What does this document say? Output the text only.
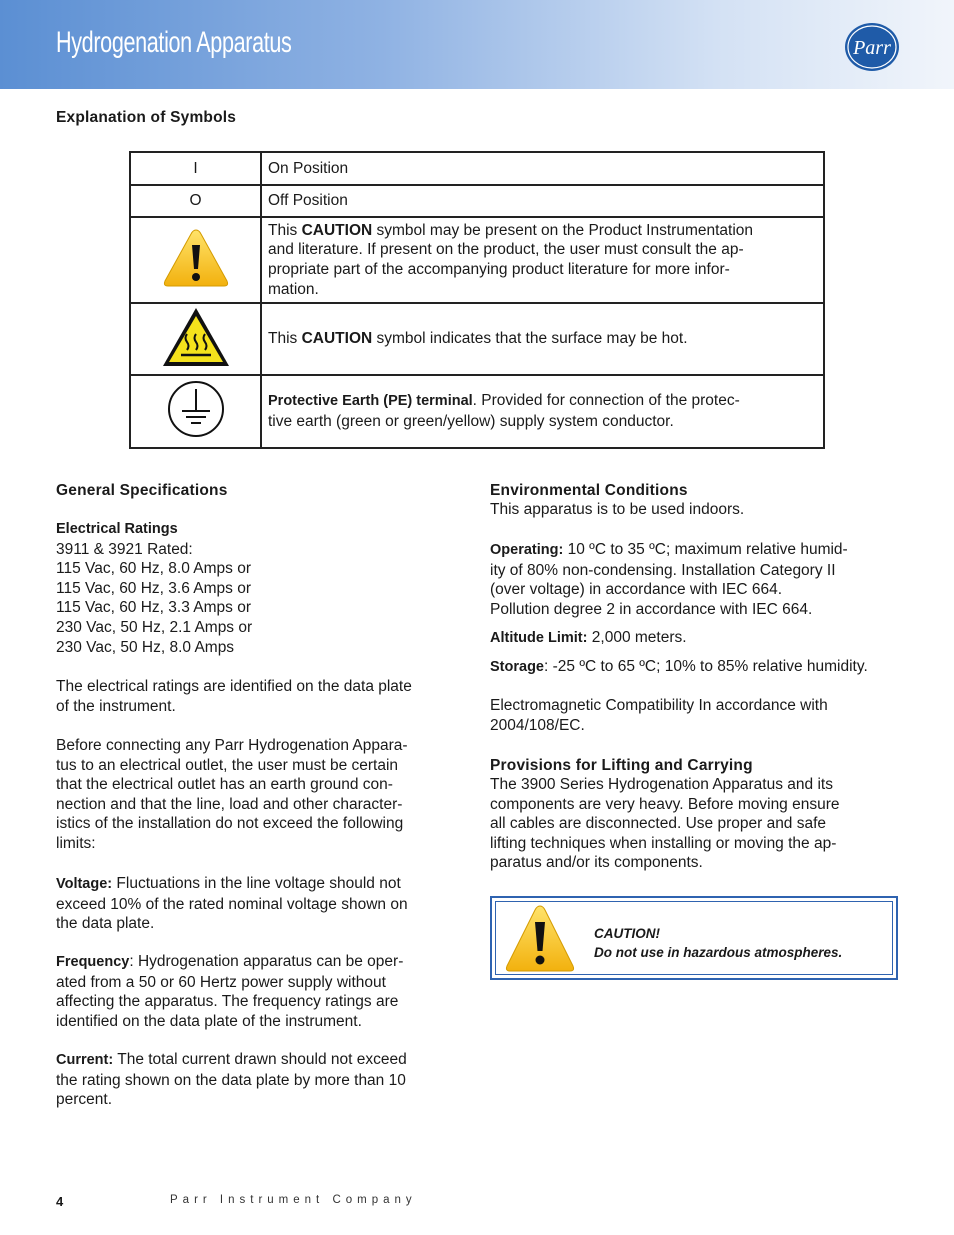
Hydrogenation Apparatus	Parr
Explanation of Symbols
I	On Position
O	Off Position

This CAUTION symbol may be present on the Product Instrumentation
and literature. If present on the product, the user must consult the ap-
propriate part of the accompanying product literature for more infor-
mation.

	This CAUTION symbol indicates that the surface may be hot.

Protective Earth (PE) terminal. Provided for connection of the protec-
tive earth (green or green/yellow) supply system conductor.
General Specifications
Electrical Ratings
3911 & 3921 Rated:
115 Vac, 60 Hz, 8.0 Amps or
115 Vac, 60 Hz, 3.6 Amps or
115 Vac, 60 Hz, 3.3 Amps or
230 Vac, 50 Hz, 2.1 Amps or
230 Vac, 50 Hz, 8.0 Amps
The electrical ratings are identified on the data plate
of the instrument.
Before connecting any Parr Hydrogenation Appara-
tus to an electrical outlet, the user must be certain
that the electrical outlet has an earth ground con-
nection and that the line, load and other character-
istics of the installation do not exceed the following
limits:
Voltage: Fluctuations in the line voltage should not
exceed 10% of the rated nominal voltage shown on
the data plate.
Frequency: Hydrogenation apparatus can be oper-
ated from a 50 or 60 Hertz power supply without
affecting the apparatus. The frequency ratings are
identified on the data plate of the instrument.
Current: The total current drawn should not exceed
the rating shown on the data plate by more than 10
percent.
Environmental Conditions
This apparatus is to be used indoors.
Operating: 10 ºC to 35 ºC; maximum relative humid-
ity of 80% non-condensing. Installation Category II
(over voltage) in accordance with IEC 664.
Pollution degree 2 in accordance with IEC 664.
Altitude Limit: 2,000 meters.
Storage: -25 ºC to 65 ºC; 10% to 85% relative humidity.
Electromagnetic Compatibility In accordance with
2004/108/EC.
Provisions for Lifting and Carrying
The 3900 Series Hydrogenation Apparatus and its
components are very heavy. Before moving ensure
all cables are disconnected. Use proper and safe
lifting techniques when installing or moving the ap-
paratus and/or its components.
CAUTION!
Do not use in hazardous atmospheres.
4	Parr Instrument Company
